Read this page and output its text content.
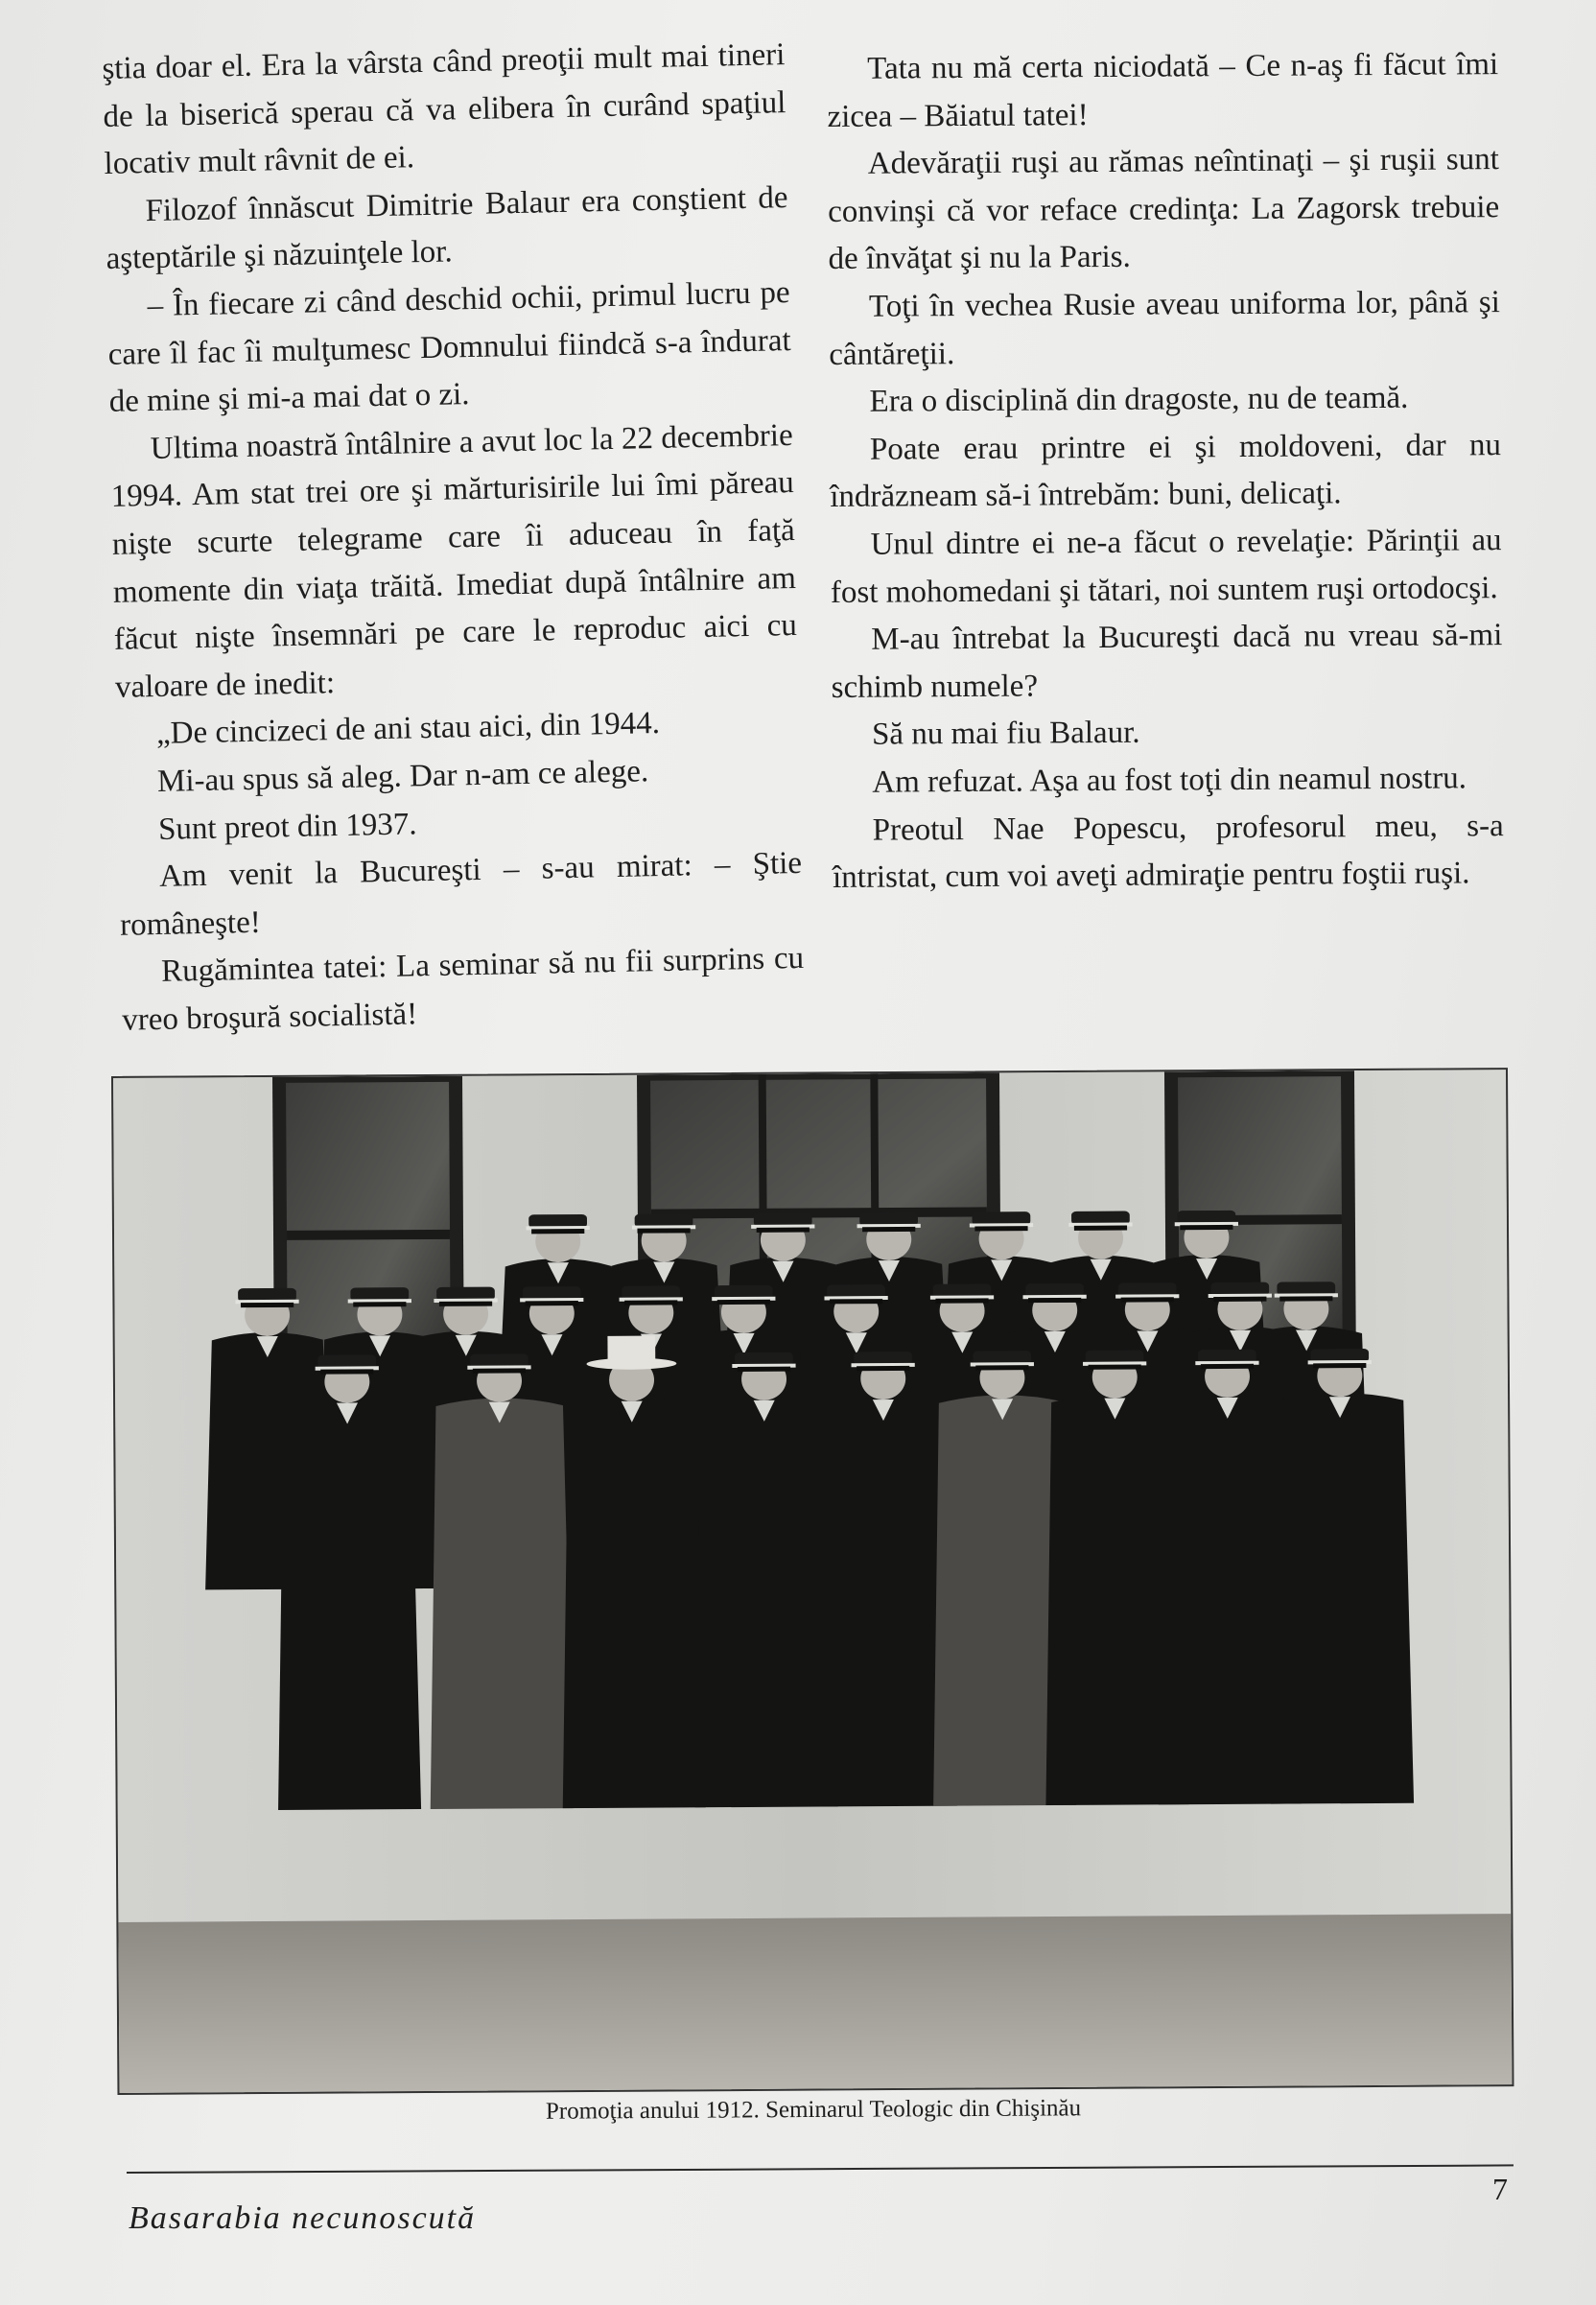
ştia doar el. Era la vârsta când preoţii mult mai tineri de la biserică sperau că va elibera în curând spaţiul locativ mult râvnit de ei.

Filozof înnăscut Dimitrie Balaur era conştient de aşteptările şi năzuinţele lor.

– În fiecare zi când deschid ochii, primul lucru pe care îl fac îi mulţumesc Domnului fiindcă s-a îndurat de mine şi mi-a mai dat o zi.

Ultima noastră întâlnire a avut loc la 22 decembrie 1994. Am stat trei ore şi mărturisirile lui îmi păreau nişte scurte telegrame care îi aduceau în faţă momente din viaţa trăită. Imediat după întâlnire am făcut nişte însemnări pe care le reproduc aici cu valoare de inedit:

„De cincizeci de ani stau aici, din 1944.

Mi-au spus să aleg. Dar n-am ce alege.

Sunt preot din 1937.

Am venit la Bucureşti – s-au mirat: – Ştie româneşte!

Rugămintea tatei: La seminar să nu fii surprins cu vreo broşură socialistă!

Tata nu mă certa niciodată – Ce n-aş fi făcut îmi zicea – Băiatul tatei!

Adevăraţii ruşi au rămas neîntinaţi – şi ruşii sunt convinşi că vor reface credinţa: La Zagorsk trebuie de învăţat şi nu la Paris.

Toţi în vechea Rusie aveau uniforma lor, până şi cântăreţii.

Era o disciplină din dragoste, nu de teamă.

Poate erau printre ei şi moldoveni, dar nu îndrăzneam să-i întrebăm: buni, delicaţi.

Unul dintre ei ne-a făcut o revelaţie: Părinţii au fost mohomedani şi tătari, noi suntem ruşi ortodocşi.

M-au întrebat la Bucureşti dacă nu vreau să-mi schimb numele?

Să nu mai fiu Balaur.

Am refuzat. Aşa au fost toţi din neamul nostru.

Preotul Nae Popescu, profesorul meu, s-a întristat, cum voi aveţi admiraţie pentru foştii ruşi.

Promoţia anului 1912. Seminarul Teologic din Chişinău
Basarabia necunoscută
7
